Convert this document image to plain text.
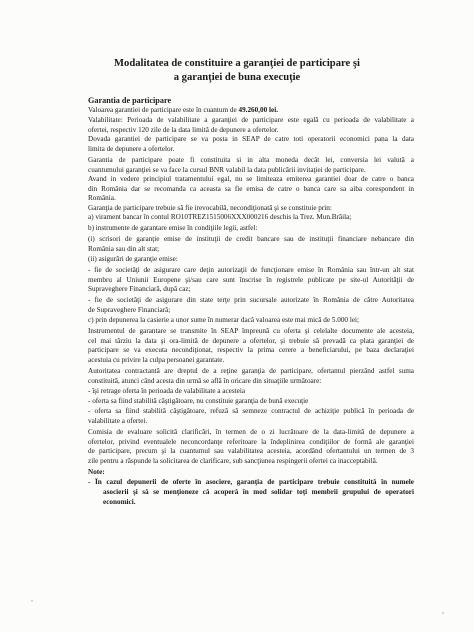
Modalitatea de constituire a garanţiei de participare şi
a garanţiei de buna execuţie
Garantia de participare
Valoarea garantiei de participare este în cuantum de 49.260,00 lei.
Valabilitate: Perioada de valabilitate a garanţiei de participare este egală cu perioada de valabilitate a
ofertei, respectiv 120 zile de la data limită de depunere a ofertelor.
Dovada garantiei de participare se va posta in SEAP de catre toti operatorii economici pana la data
limita de depunere a ofertelor.
Garantia de participare poate fi constituita si in alta moneda decât lei, conversia lei valută a
cuantumului garanţiei se va face la cursul BNR valabil la data publicării invitaţiei de participare.
Avand in vedere principiul tratamentului egal, nu se limiteaza emiterea garantiei doar de catre o banca
din România dar se recomanda ca aceasta sa fie emisa de catre o banca care sa aiba corespondent in
România.
Garanţia de participare trebuie să fie irevocabilă, necondiţionată şi se constituie prin:
a) virament bancar în contul RO10TREZ1515006XXX000216 deschis la Trez. Mun.Brăila;
b) instrumente de garantare emise în condiţiile legii, astfel:
(i) scrisori de garanţie emise de instituţii de credit bancare sau de instituţii financiare nebancare din
România sau din alt stat;
(ii) asigurări de garanţie emise:
- fie de societăţi de asigurare care deţin autorizaţii de funcţionare emise în România sau într-un alt stat
membru al Uniunii Europene şi/sau care sunt înscrise în registrele publicate pe site-ul Autorităţii de
Supraveghere Financiară, după caz;
- fie de societăţi de asigurare din state terţe prin sucursale autorizate în România de către Autoritatea
de Supraveghere Financiară;
c) prin depunerea la casierie a unor sume în numerar dacă valoarea este mai mică de 5.000 lei;
Instrumentul de garantare se transmite în SEAP împreună cu oferta şi celelalte documente ale acesteia,
cel mai târziu la data şi ora-limită de depunere a ofertelor, şi trebuie să prevadă ca plata garanţiei de
participare se va executa necondiţionat, respectiv la prima cerere a beneficiarului, pe baza declaraţiei
acestuia cu privire la culpa persoanei garantate.
Autoritatea contractantă are dreptul de a reţine garanţia de participare, ofertantul pierzând astfel suma
constituită, atunci când acesta din urmă se află în oricare din situaţiile următoare:
- îşi retrage oferta în perioada de valabilitate a acesteia
- oferta sa fiind stabilită câştigătoare, nu constituie garanţia de bună execuţie
- oferta sa fiind stabilită câştigătoare, refuză să semneze contractul de achiziţie publică în perioada de
valabilitate a ofertei.
Comisia de evaluare solicită clarificări, în termen de o zi lucrătoare de la data-limită de depunere a
ofertelor, privind eventualele neconcordanţe referitoare la îndeplinirea condiţiilor de formă ale garanţiei
de participare, precum şi la cuantumul sau valabilitatea acesteia, acordând ofertantului un termen de 3
zile pentru a răspunde la solicitarea de clarificare, sub sancţiunea respingerii ofertei ca inacceptabilă.
Note:
- În cazul depunerii de oferte în asociere, garanţia de participare trebuie constituită în numele
asocierii şi să se menţioneze că acoperă în mod solidar toţi membrii grupului de operatori
economici.
